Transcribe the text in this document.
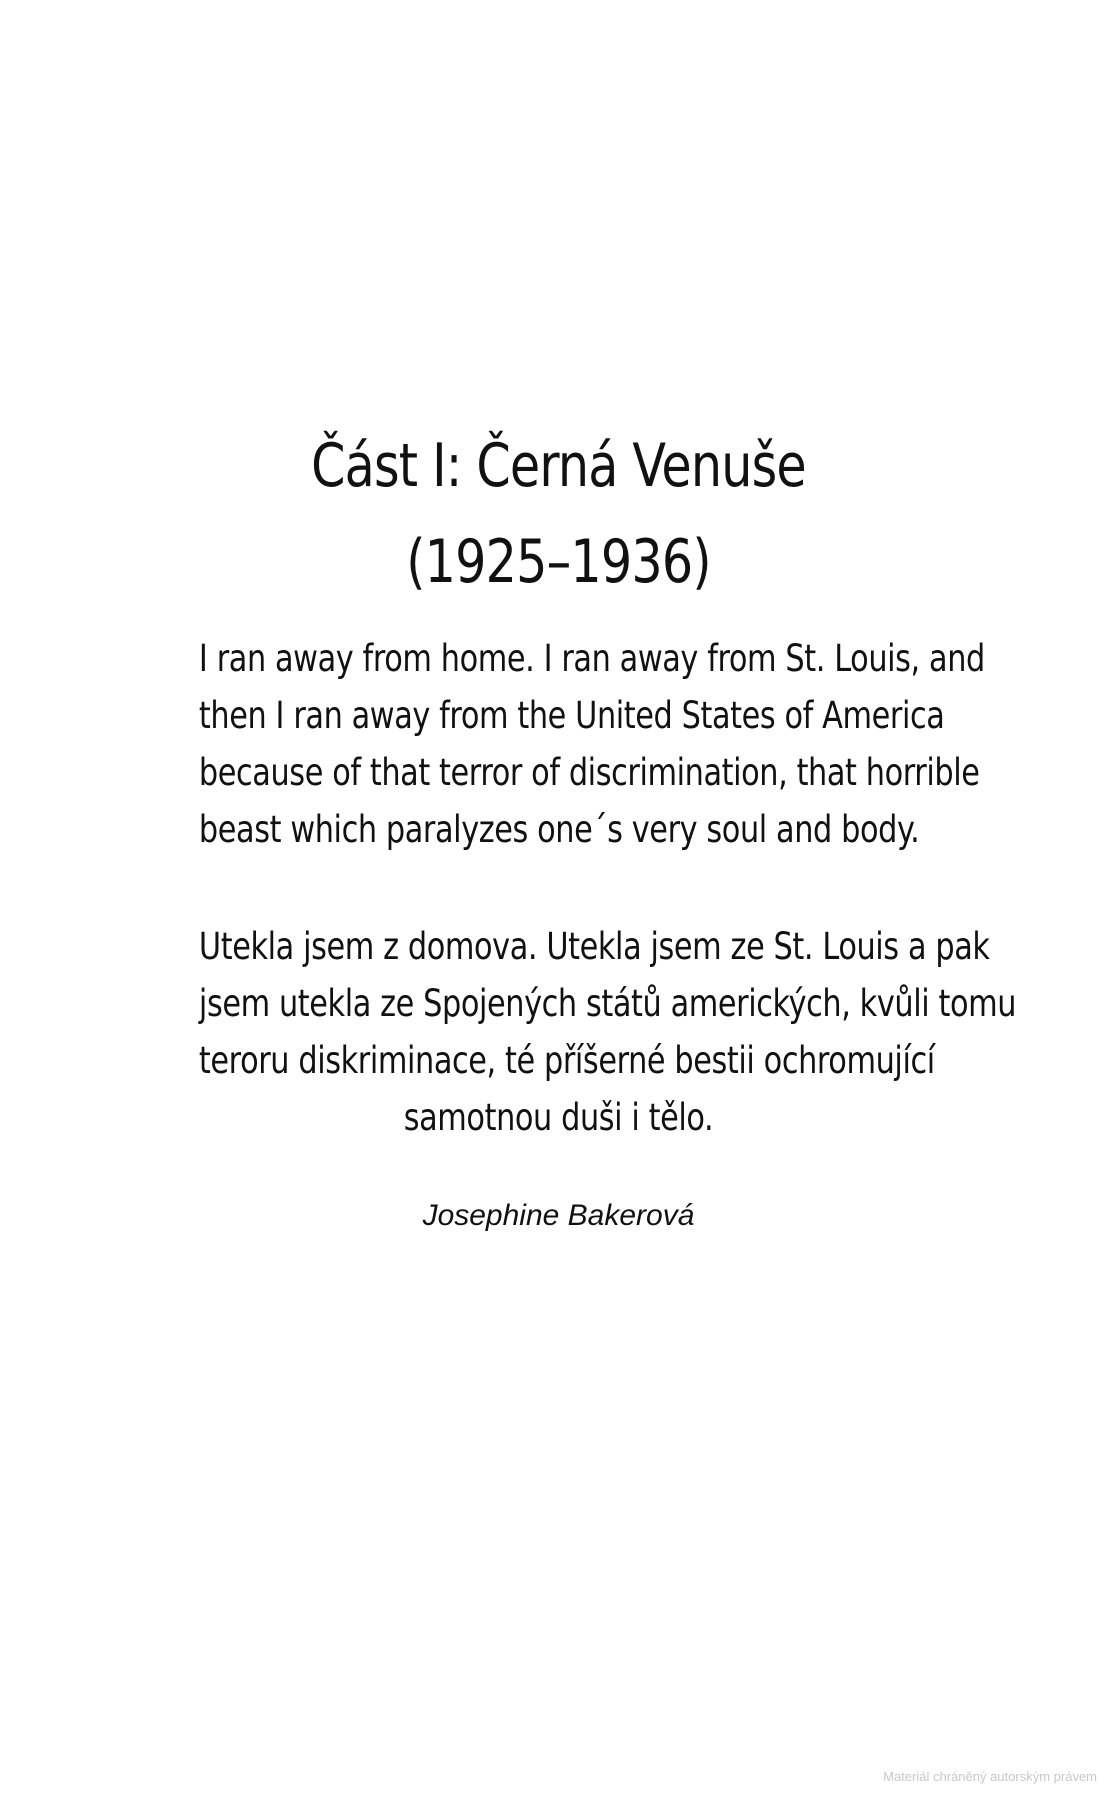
Část I: Černá Venuše
(1925–1936)
I ran away from home. I ran away from St. Louis, and
then I ran away from the United States of America
because of that terror of discrimination, that horrible
beast which paralyzes one´s very soul and body.
Utekla jsem z domova. Utekla jsem ze St. Louis a pak
jsem utekla ze Spojených států amerických, kvůli tomu
teroru diskriminace, té příšerné bestii ochromující
samotnou duši i tělo.
Josephine Bakerová
Materiál chráněný autorským právem
